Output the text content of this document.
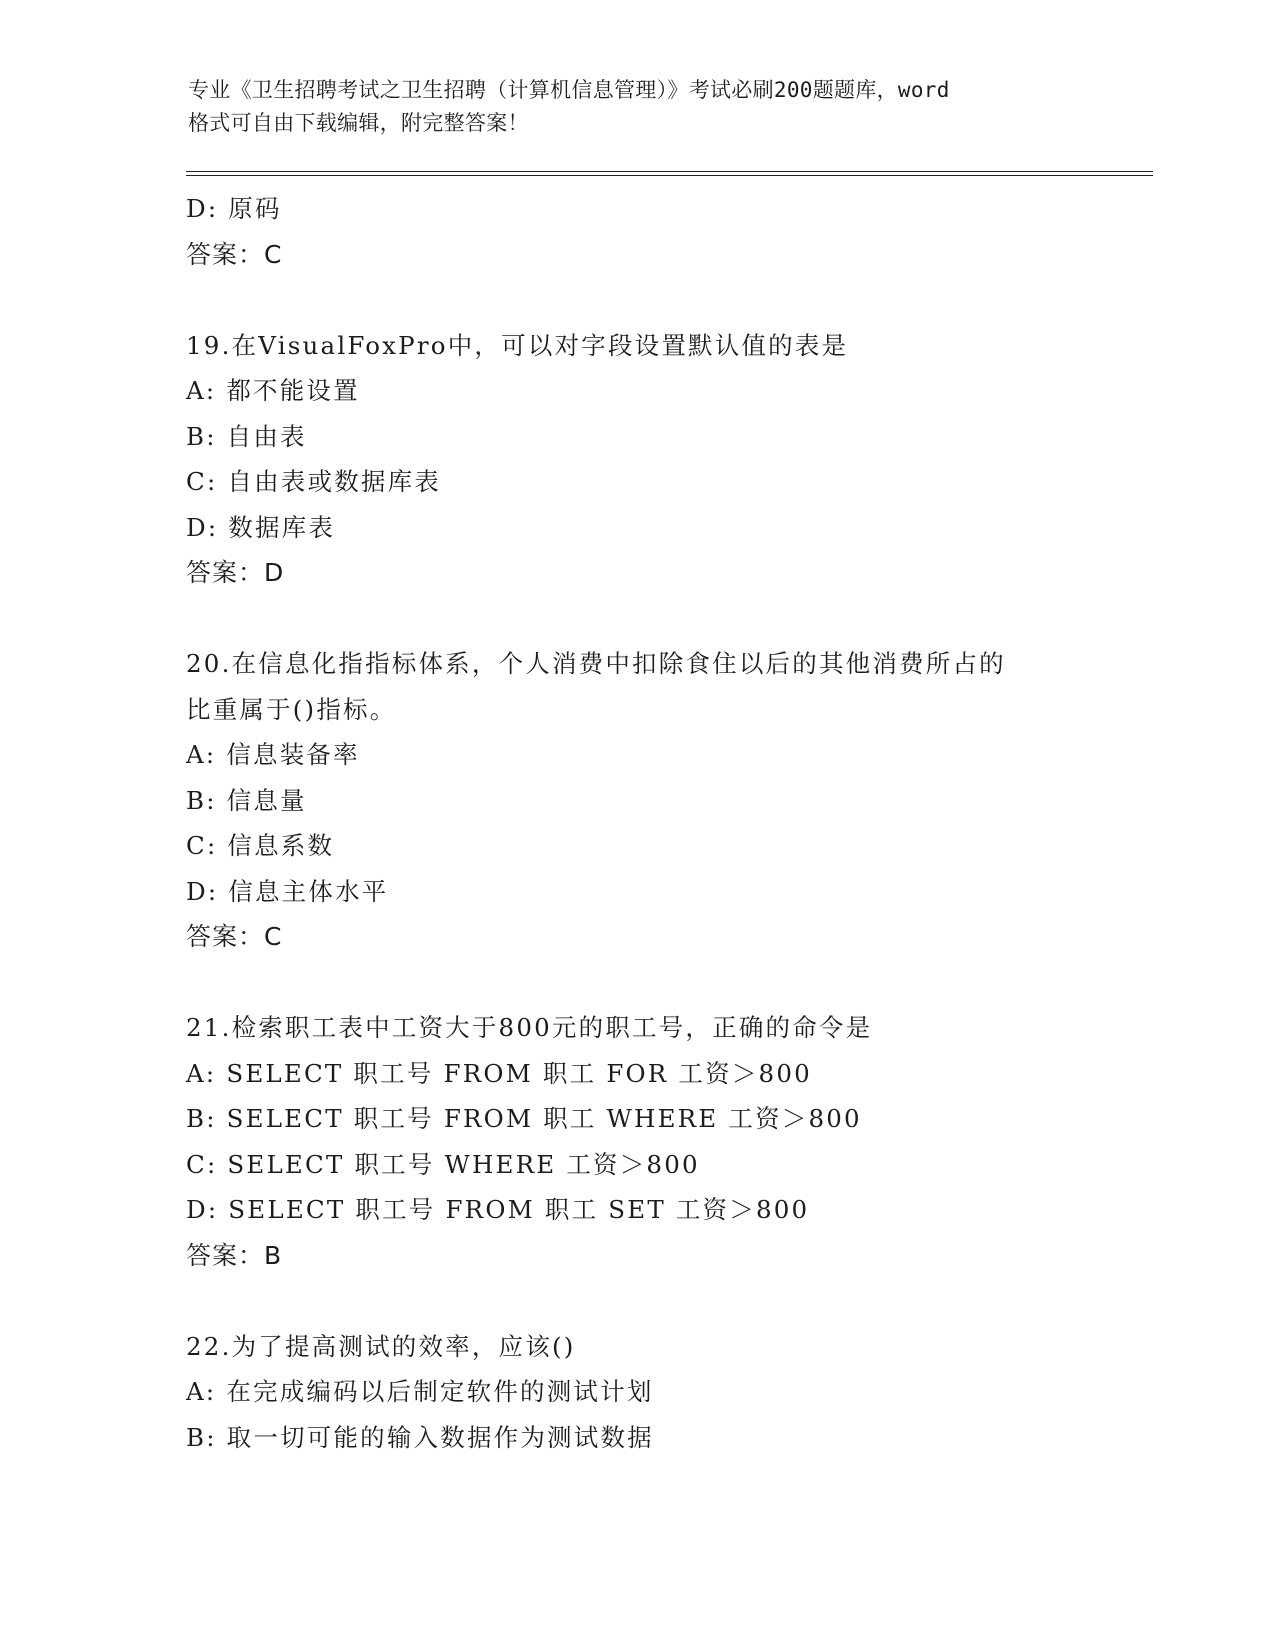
专业《卫生招聘考试之卫生招聘（计算机信息管理）》考试必刷200题题库，word
格式可自由下载编辑，附完整答案！
D: 原码
答案：C
19.在VisualFoxPro中，可以对字段设置默认值的表是
A: 都不能设置
B: 自由表
C: 自由表或数据库表
D: 数据库表
答案：D
20.在信息化指指标体系，个人消费中扣除食住以后的其他消费所占的
比重属于()指标。
A: 信息装备率
B: 信息量
C: 信息系数
D: 信息主体水平
答案：C
21.检索职工表中工资大于800元的职工号，正确的命令是
A: SELECT 职工号 FROM 职工 FOR 工资＞800
B: SELECT 职工号 FROM 职工 WHERE 工资＞800
C: SELECT 职工号 WHERE 工资＞800
D: SELECT 职工号 FROM 职工 SET 工资＞800
答案：B
22.为了提高测试的效率，应该()
A: 在完成编码以后制定软件的测试计划
B: 取一切可能的输入数据作为测试数据
